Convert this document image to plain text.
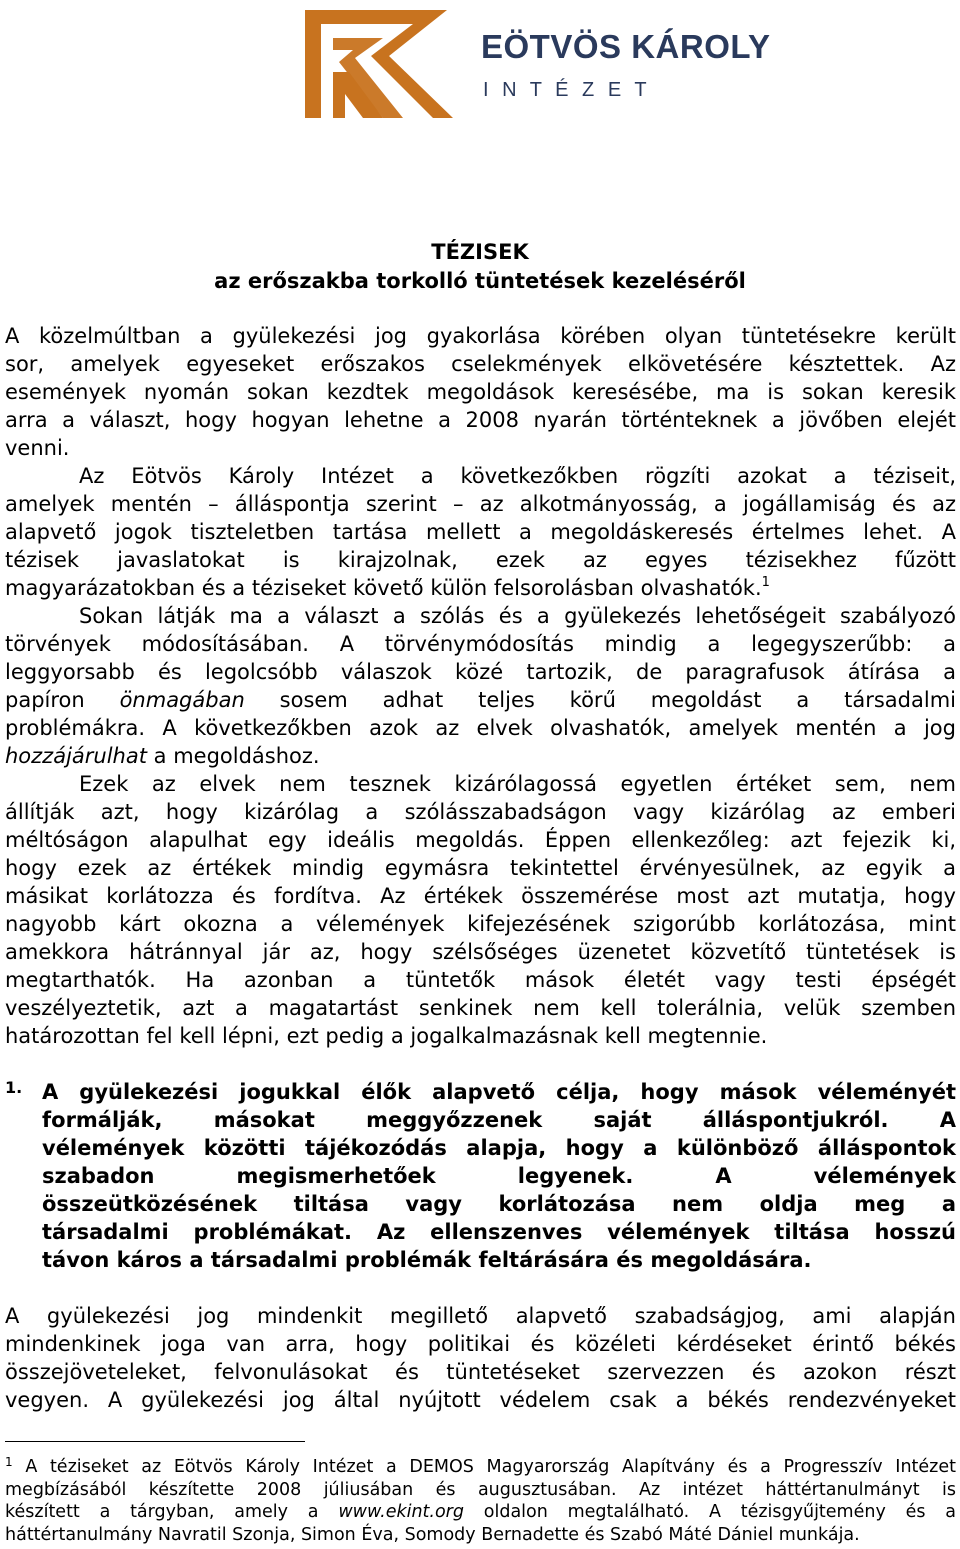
EÖTVÖS KÁROLY
I N T É Z E T
TÉZISEK
az erőszakba torkolló tüntetések kezeléséről

A közelmúltban a gyülekezési jog gyakorlása körében olyan tüntetésekre került

sor, amelyek egyeseket erőszakos cselekmények elkövetésére késztettek. Az

események nyomán sokan kezdtek megoldások keresésébe, ma is sokan keresik

arra a választ, hogy hogyan lehetne a 2008 nyarán történteknek a jövőben elejét

venni.

Az Eötvös Károly Intézet a következőkben rögzíti azokat a téziseit,

amelyek mentén – álláspontja szerint – az alkotmányosság, a jogállamiság és az

alapvető jogok tiszteletben tartása mellett a megoldáskeresés értelmes lehet. A

tézisek javaslatokat is kirajzolnak, ezek az egyes tézisekhez fűzött

magyarázatokban és a téziseket követő külön felsorolásban olvashatók.$^1$

Sokan látják ma a választ a szólás és a gyülekezés lehetőségeit szabályozó

törvények módosításában. A törvénymódosítás mindig a legegyszerűbb: a

leggyorsabb és legolcsóbb válaszok közé tartozik, de paragrafusok átírása a

papíron önmagában sosem adhat teljes körű megoldást a társadalmi

problémákra. A következőkben azok az elvek olvashatók, amelyek mentén a jog

hozzájárulhat a megoldáshoz.

Ezek az elvek nem tesznek kizárólagossá egyetlen értéket sem, nem

állítják azt, hogy kizárólag a szólásszabadságon vagy kizárólag az emberi

méltóságon alapulhat egy ideális megoldás. Éppen ellenkezőleg: azt fejezik ki,

hogy ezek az értékek mindig egymásra tekintettel érvényesülnek, az egyik a

másikat korlátozza és fordítva. Az értékek összemérése most azt mutatja, hogy

nagyobb kárt okozna a vélemények kifejezésének szigorúbb korlátozása, mint

amekkora hátránnyal jár az, hogy szélsőséges üzenetet közvetítő tüntetések is

megtarthatók. Ha azonban a tüntetők mások életét vagy testi épségét

veszélyeztetik, azt a magatartást senkinek nem kell tolerálnia, velük szemben

határozottan fel kell lépni, ezt pedig a jogalkalmazásnak kell megtennie.

1. A gyülekezési jogukkal élők alapvető célja, hogy mások véleményét

formálják, másokat meggyőzzenek saját álláspontjukról. A

vélemények közötti tájékozódás alapja, hogy a különböző álláspontok

szabadon megismerhetőek legyenek. A vélemények

összeütközésének tiltása vagy korlátozása nem oldja meg a

társadalmi problémákat. Az ellenszenves vélemények tiltása hosszú

távon káros a társadalmi problémák feltárására és megoldására.

A gyülekezési jog mindenkit megillető alapvető szabadságjog, ami alapján

mindenkinek joga van arra, hogy politikai és közéleti kérdéseket érintő békés

összejöveteleket, felvonulásokat és tüntetéseket szervezzen és azokon részt

vegyen. A gyülekezési jog által nyújtott védelem csak a békés rendezvényeket

$^1$ A téziseket az Eötvös Károly Intézet a DEMOS Magyarország Alapítvány és a Progresszív Intézet

megbízásából készítette 2008 júliusában és augusztusában. Az intézet háttértanulmányt is

készített a tárgyban, amely a www.ekint.org oldalon megtalálható. A tézisgyűjtemény és a

háttértanulmány Navratil Szonja, Simon Éva, Somody Bernadette és Szabó Máté Dániel munkája.
